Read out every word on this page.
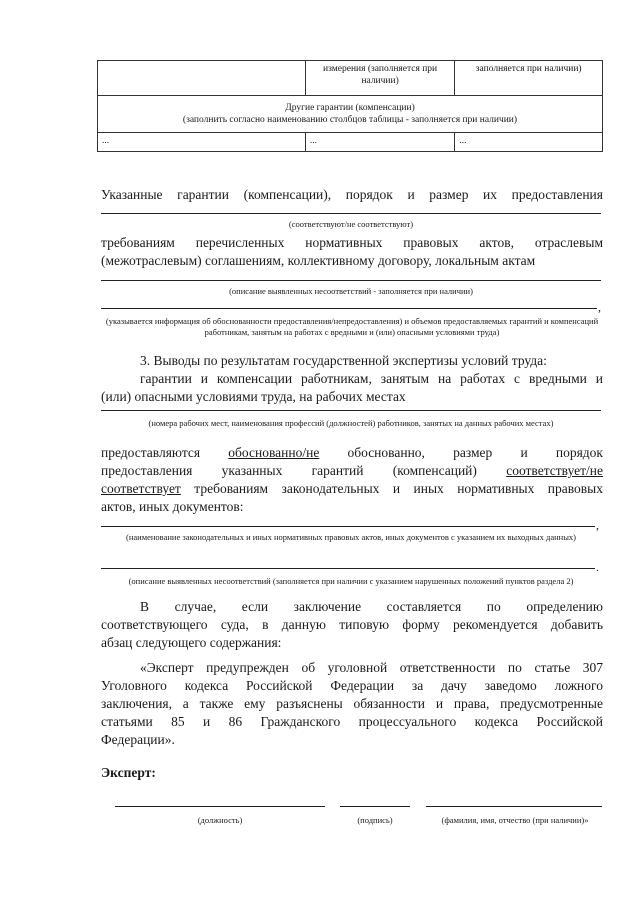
	измерения (заполняется при наличии)	заполняется при наличии)

Другие гарантии (компенсации)
(заполнить согласно наименованию столбцов таблицы - заполняется при наличии)		

...	...	...
Указанные гарантии (компенсации), порядок и размер их предоставления
(соответствуют/не соответствуют)
требованиям перечисленных нормативных правовых актов, отраслевым
(межотраслевым) соглашениям, коллективному договору, локальным актам
(описание выявленных несоответствий - заполняется при наличии)
,
(указывается информация об обоснованности предоставления/непредоставления) и объемов предоставляемых гарантий и компенсаций работникам, занятым на работах с вредными и (или) опасными условиями труда)
3. Выводы по результатам государственной экспертизы условий труда:
гарантии и компенсации работникам, занятым на работах с вредными и
(или) опасными условиями труда, на рабочих местах
(номера рабочих мест, наименования профессий (должностей) работников, занятых на данных рабочих местах)
предоставляются обоснованно/не обоснованно, размер и порядок
предоставления указанных гарантий (компенсаций) соответствует/не
соответствует требованиям законодательных и иных нормативных правовых
актов, иных документов:
,
(наименование законодательных и иных нормативных правовых актов, иных документов с указанием их выходных данных)
.
(описание выявленных несоответствий (заполняется при наличии с указанием нарушенных положений пунктов раздела 2)
В случае, если заключение составляется по определению
соответствующего суда, в данную типовую форму рекомендуется добавить
абзац следующего содержания:
«Эксперт предупрежден об уголовной ответственности по статье 307
Уголовного кодекса Российской Федерации за дачу заведомо ложного
заключения, а также ему разъяснены обязанности и права, предусмотренные
статьями 85 и 86 Гражданского процессуального кодекса Российской
Федерации».
Эксперт:
(должность)	(подпись)	(фамилия, имя, отчество (при наличии)»
